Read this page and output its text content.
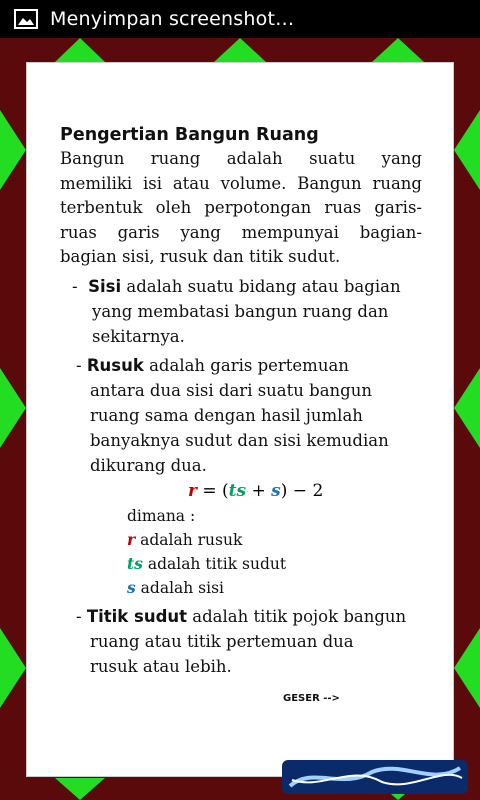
Menyimpan screenshot…

Pengertian Bangun Ruang

Bangun ruang adalah suatu yang

memiliki isi atau volume. Bangun ruang

terbentuk oleh perpotongan ruas garis-

ruas garis yang mempunyai bagian-

bagian sisi, rusuk dan titik sudut.

-  Sisi adalah suatu bidang atau bagian

yang membatasi bangun ruang dan

sekitarnya.

- Rusuk adalah garis pertemuan

antara dua sisi dari suatu bangun

ruang sama dengan hasil jumlah

banyaknya sudut dan sisi kemudian

dikurang dua.

r = (ts + s) − 2
dimana :
r adalah rusuk
ts adalah titik sudut
s adalah sisi

- Titik sudut adalah titik pojok bangun

ruang atau titik pertemuan dua

rusuk atau lebih.

GESER -->
